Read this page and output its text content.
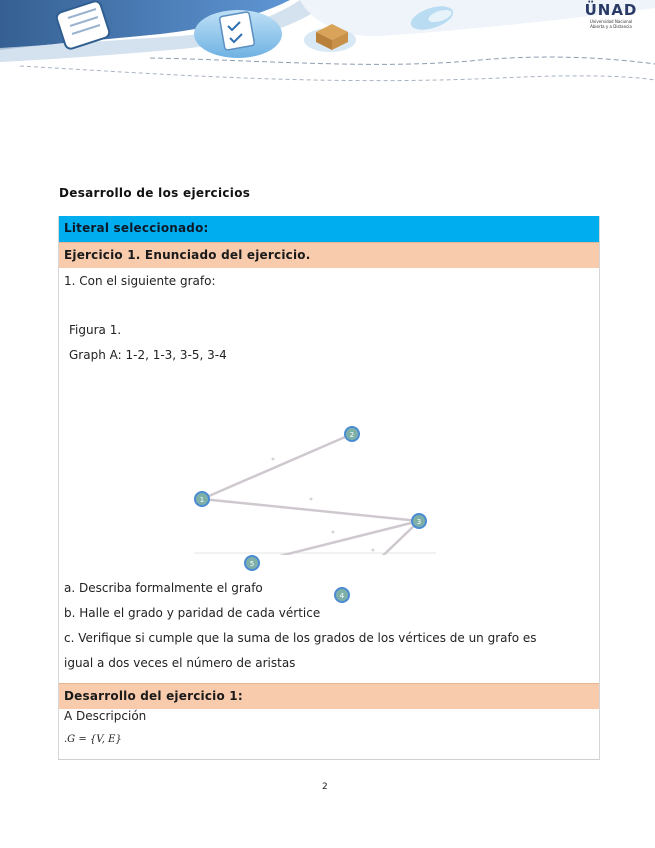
ÜNAD
Universidad Nacional
Abierta y a Distancia
Desarrollo de los ejercicios
Literal seleccionado:
Ejercicio 1. Enunciado del ejercicio.
1. Con el siguiente grafo:
Figura 1.
Graph A: 1-2, 1-3, 3-5, 3-4
1
2
3
4
5
a. Describa formalmente el grafo
b. Halle el grado y paridad de cada vértice
c. Verifique si cumple que la suma de los grados de los vértices de un grafo es
igual a dos veces el número de aristas
Desarrollo del ejercicio 1:
A Descripción
.G = {V, E}
2
